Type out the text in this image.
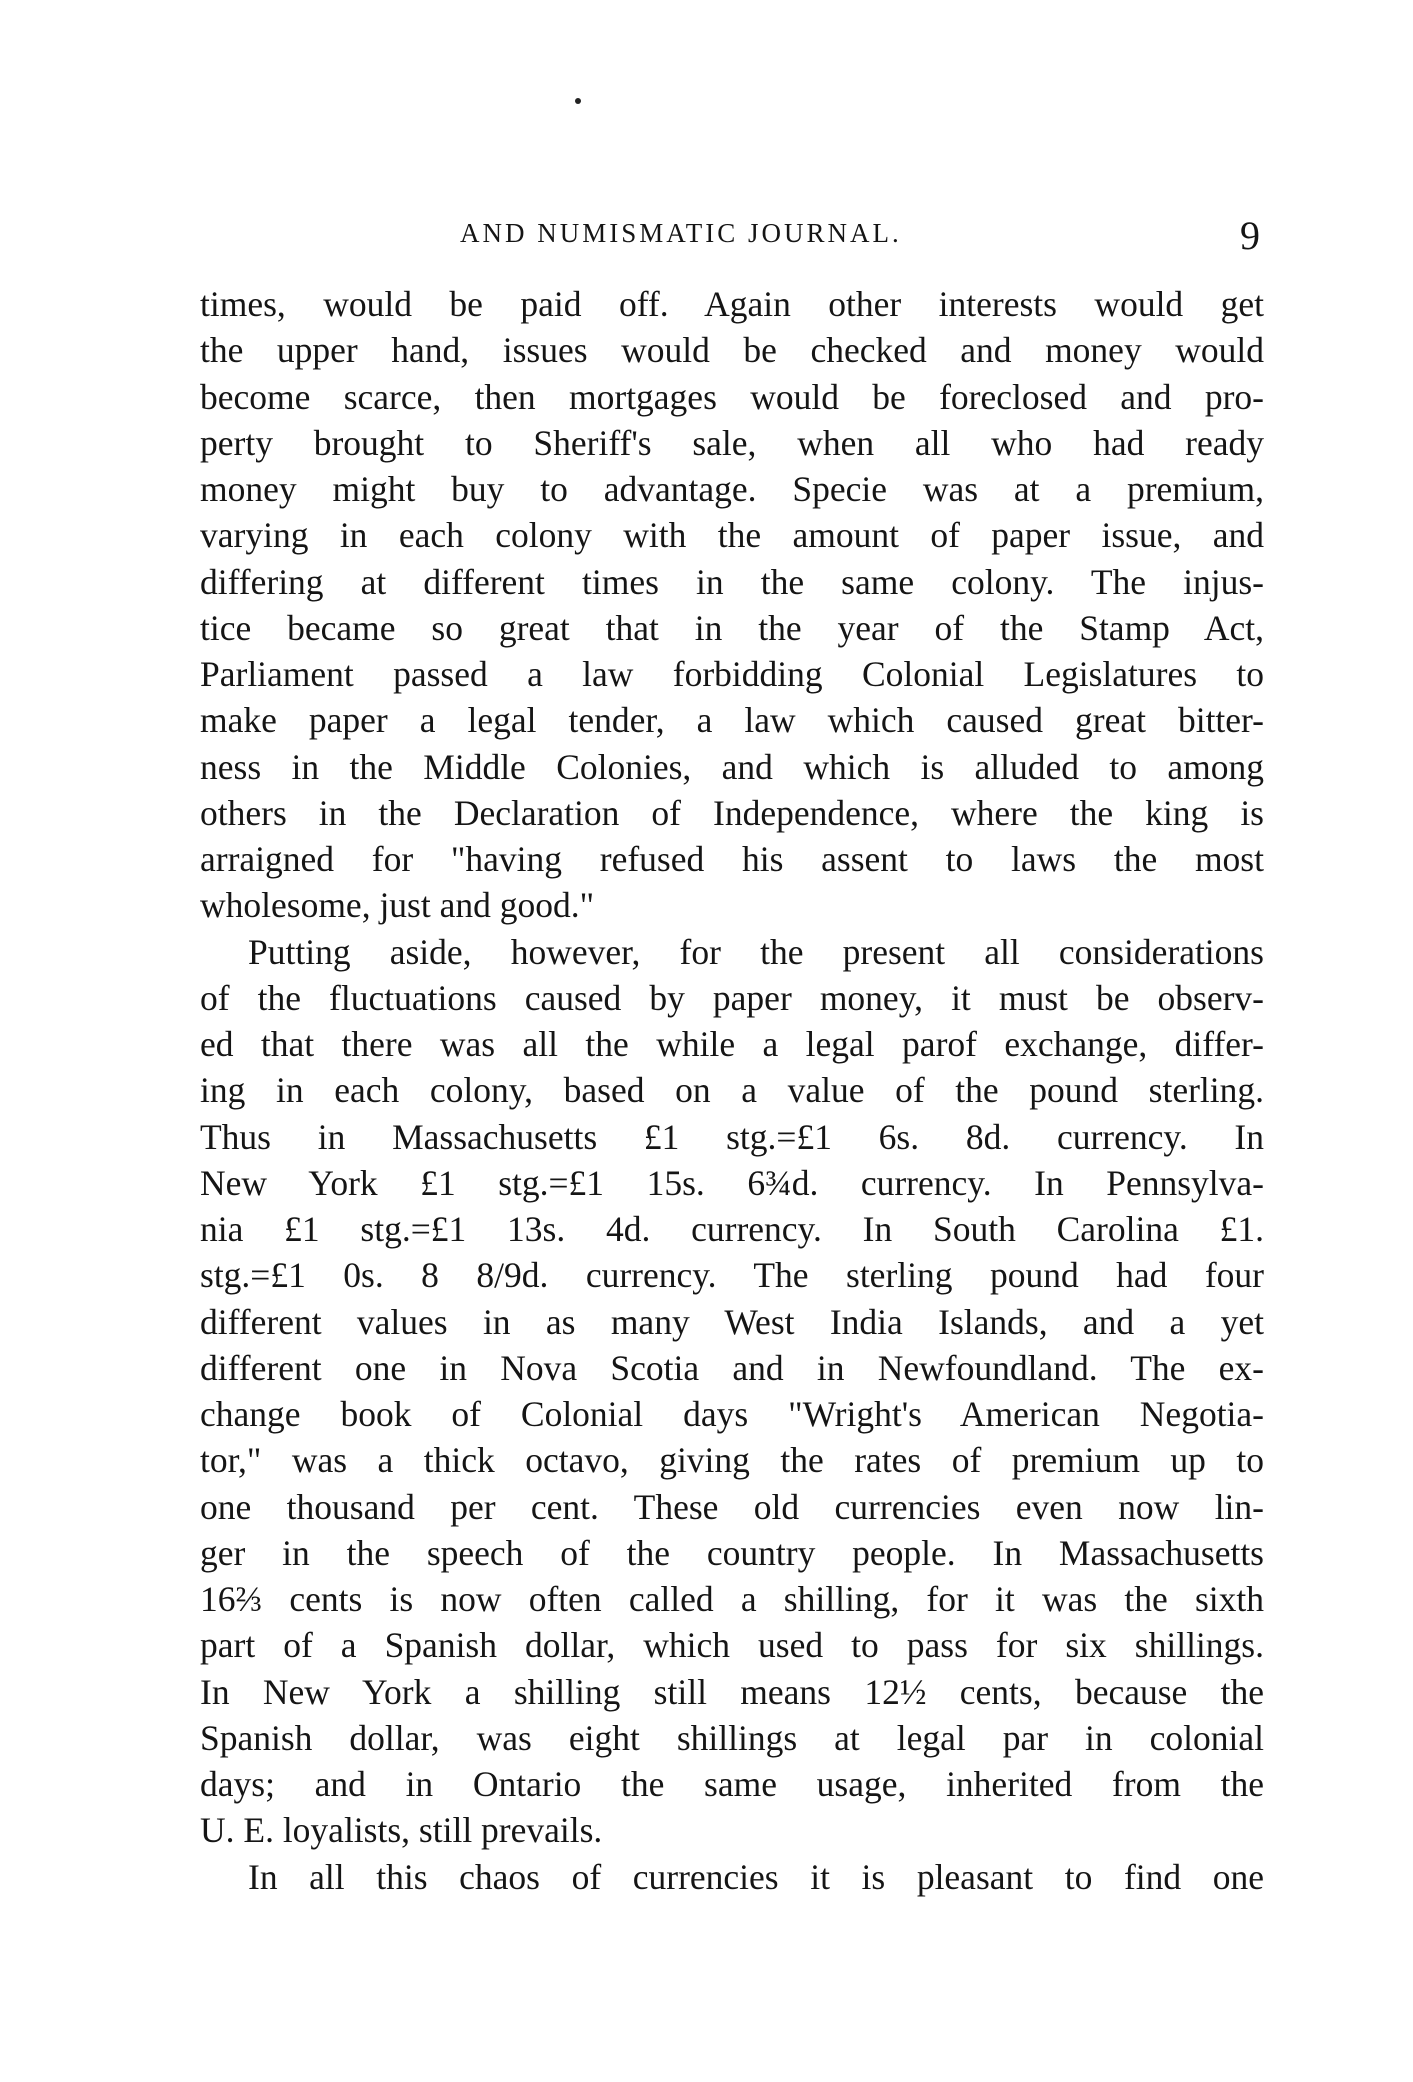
AND NUMISMATIC JOURNAL.	9
times, would be paid off. Again other interests would get
the upper hand, issues would be checked and money would
become scarce, then mortgages would be foreclosed and pro-
perty brought to Sheriff's sale, when all who had ready
money might buy to advantage. Specie was at a premium,
varying in each colony with the amount of paper issue, and
differing at different times in the same colony. The injus-
tice became so great that in the year of the Stamp Act,
Parliament passed a law forbidding Colonial Legislatures to
make paper a legal tender, a law which caused great bitter-
ness in the Middle Colonies, and which is alluded to among
others in the Declaration of Independence, where the king is
arraigned for "having refused his assent to laws the most
wholesome, just and good."
Putting aside, however, for the present all considerations
of the fluctuations caused by paper money, it must be observ-
ed that there was all the while a legal parof exchange, differ-
ing in each colony, based on a value of the pound sterling.
Thus in Massachusetts £1 stg.=£1 6s. 8d. currency. In
New York £1 stg.=£1 15s. 6¾d. currency. In Pennsylva-
nia £1 stg.=£1 13s. 4d. currency. In South Carolina £1.
stg.=£1 0s. 8 8/9d. currency. The sterling pound had four
different values in as many West India Islands, and a yet
different one in Nova Scotia and in Newfoundland. The ex-
change book of Colonial days "Wright's American Negotia-
tor," was a thick octavo, giving the rates of premium up to
one thousand per cent. These old currencies even now lin-
ger in the speech of the country people. In Massachusetts
16⅔ cents is now often called a shilling, for it was the sixth
part of a Spanish dollar, which used to pass for six shillings.
In New York a shilling still means 12½ cents, because the
Spanish dollar, was eight shillings at legal par in colonial
days; and in Ontario the same usage, inherited from the
U. E. loyalists, still prevails.
In all this chaos of currencies it is pleasant to find one
